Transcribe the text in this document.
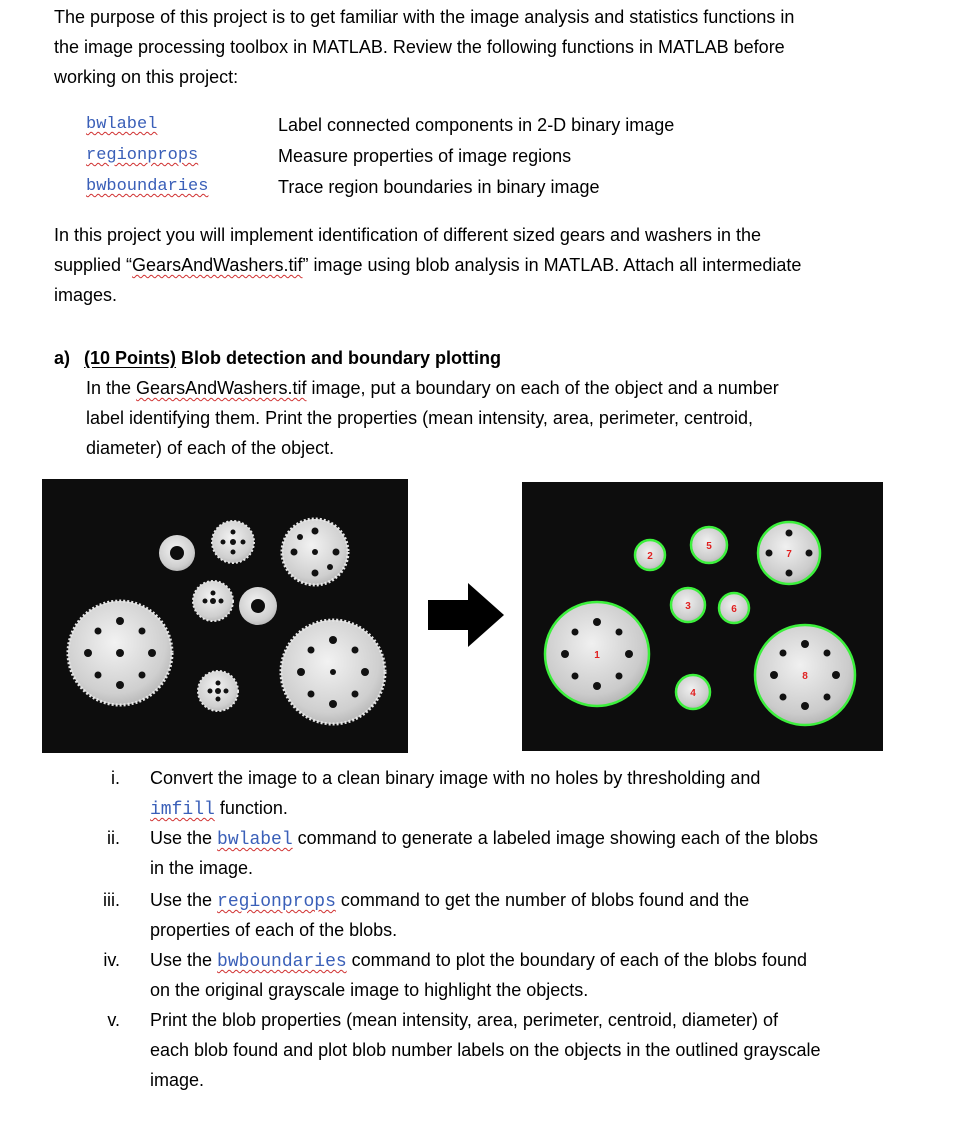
The purpose of this project is to get familiar with the image analysis and statistics functions in
the image processing toolbox in MATLAB. Review the following functions in MATLAB before
working on this project:
bwlabel	Label connected components in 2-D binary image
regionprops	Measure properties of image regions
bwboundaries	Trace region boundaries in binary image
In this project you will implement identification of different sized gears and washers in the
supplied “GearsAndWashers.tif” image using blob analysis in MATLAB. Attach all intermediate
images.
a) (10 Points) Blob detection and boundary plotting
In the GearsAndWashers.tif image, put a boundary on each of the object and a number
label identifying them. Print the properties (mean intensity, area, perimeter, centroid,
diameter) of each of the object.
1
2
3
4
5
6
7
8
i. Convert the image to a clean binary image with no holes by thresholding and
imfill function.
ii. Use the bwlabel command to generate a labeled image showing each of the blobs
in the image.
iii. Use the regionprops command to get the number of blobs found and the
properties of each of the blobs.
iv. Use the bwboundaries command to plot the boundary of each of the blobs found
on the original grayscale image to highlight the objects.
v. Print the blob properties (mean intensity, area, perimeter, centroid, diameter) of
each blob found and plot blob number labels on the objects in the outlined grayscale
image.
